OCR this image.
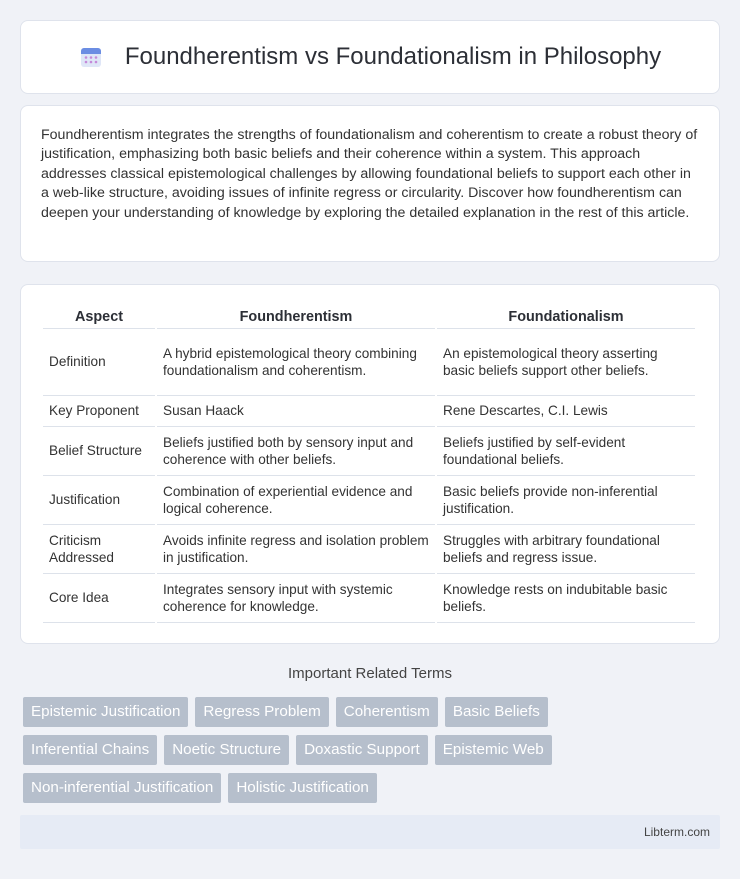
Foundherentism vs Foundationalism in Philosophy

Foundherentism integrates the strengths of foundationalism and coherentism to create a robust theory of justification, emphasizing both basic beliefs and their coherence within a system. This approach addresses classical epistemological challenges by allowing foundational beliefs to support each other in a web-like structure, avoiding issues of infinite regress or circularity. Discover how foundherentism can deepen your understanding of knowledge by exploring the detailed explanation in the rest of this article.

Aspect	Foundherentism	Foundationalism
Definition	A hybrid epistemological theory combining foundationalism and coherentism.	An epistemological theory asserting basic beliefs support other beliefs.
Key Proponent	Susan Haack	Rene Descartes, C.I. Lewis
Belief Structure	Beliefs justified both by sensory input and coherence with other beliefs.	Beliefs justified by self-evident foundational beliefs.
Justification	Combination of experiential evidence and logical coherence.	Basic beliefs provide non-inferential justification.
Criticism Addressed	Avoids infinite regress and isolation problem in justification.	Struggles with arbitrary foundational beliefs and regress issue.
Core Idea	Integrates sensory input with systemic coherence for knowledge.	Knowledge rests on indubitable basic beliefs.
Important Related Terms
Epistemic Justification	Regress Problem	Coherentism	Basic Beliefs
Inferential Chains	Noetic Structure	Doxastic Support	Epistemic Web
Non-inferential Justification	Holistic Justification
Libterm.com
